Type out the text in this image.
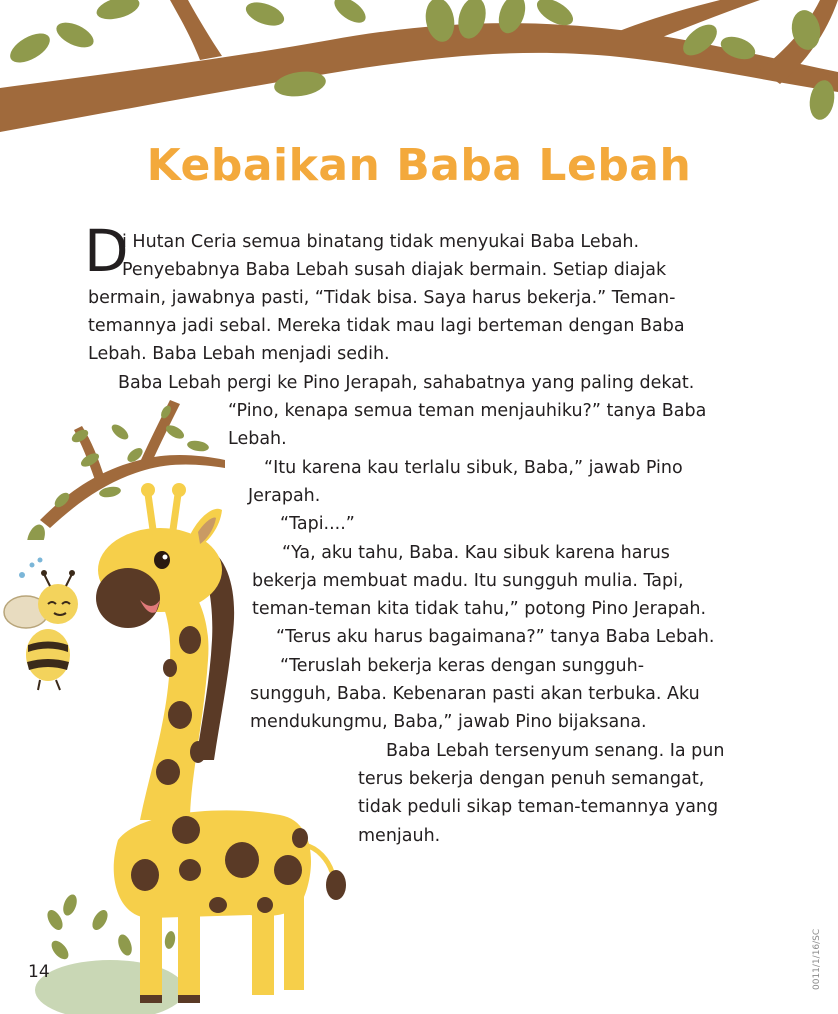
Kebaikan Baba Lebah
D
i Hutan Ceria semua binatang tidak menyukai Baba Lebah.
Penyebabnya Baba Lebah susah diajak bermain. Setiap diajak
bermain, jawabnya pasti, “Tidak bisa. Saya harus bekerja.” Teman-
temannya jadi sebal. Mereka tidak mau lagi berteman dengan Baba
Lebah. Baba Lebah menjadi sedih.
Baba Lebah pergi ke Pino Jerapah, sahabatnya yang paling dekat.
“Pino, kenapa semua teman menjauhiku?” tanya Baba
Lebah.
“Itu karena kau terlalu sibuk, Baba,” jawab Pino
Jerapah.
“Tapi....”
“Ya, aku tahu, Baba. Kau sibuk karena harus
bekerja membuat madu. Itu sungguh mulia. Tapi,
teman-teman kita tidak tahu,” potong Pino Jerapah.
“Terus aku harus bagaimana?” tanya Baba Lebah.
“Teruslah bekerja keras dengan sungguh-
sungguh, Baba. Kebenaran pasti akan terbuka. Aku
mendukungmu, Baba,” jawab Pino bijaksana.
Baba Lebah tersenyum senang. Ia pun
terus bekerja dengan penuh semangat,
tidak peduli sikap teman-temannya yang
menjauh.
14	0011/1/16/SC
